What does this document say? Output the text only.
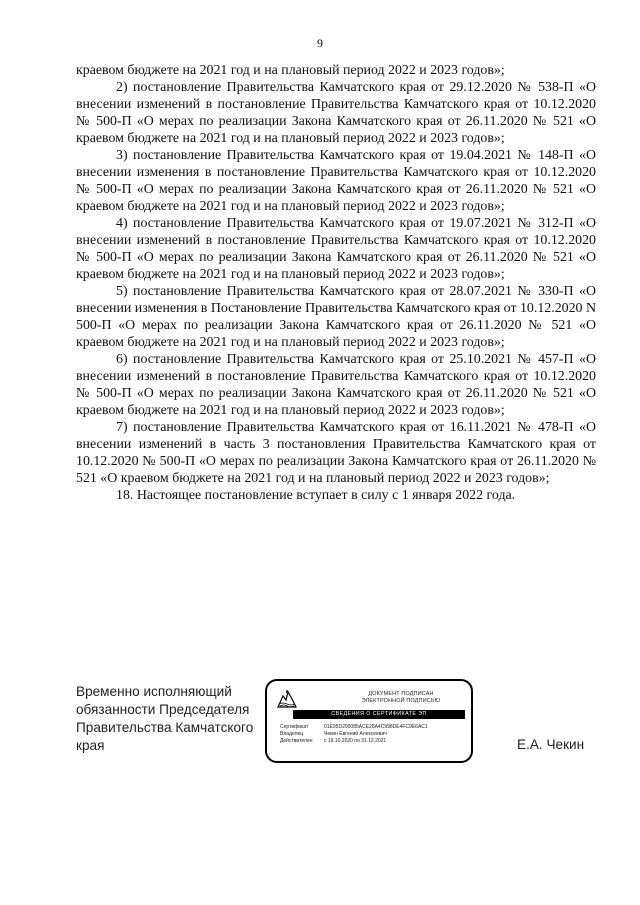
9

краевом бюджете на 2021 год и на плановый период 2022 и 2023 годов»;

2) постановление Правительства Камчатского края от 29.12.2020 № 538-П «О внесении изменений в постановление Правительства Камчатского края от 10.12.2020 № 500-П «О мерах по реализации Закона Камчатского края от 26.11.2020 № 521 «О краевом бюджете на 2021 год и на плановый период 2022 и 2023 годов»;

3) постановление Правительства Камчатского края от 19.04.2021 № 148-П «О внесении изменения в постановление Правительства Камчатского края от 10.12.2020 № 500-П «О мерах по реализации Закона Камчатского края от 26.11.2020 № 521 «О краевом бюджете на 2021 год и на плановый период 2022 и 2023 годов»;

4) постановление Правительства Камчатского края от 19.07.2021 № 312-П «О внесении изменений в постановление Правительства Камчатского края от 10.12.2020 № 500-П «О мерах по реализации Закона Камчатского края от 26.11.2020 № 521 «О краевом бюджете на 2021 год и на плановый период 2022 и 2023 годов»;

5) постановление Правительства Камчатского края от 28.07.2021 № 330-П «О внесении изменения в Постановление Правительства Камчатского края от 10.12.2020 N 500-П «О мерах по реализации Закона Камчатского края от 26.11.2020 № 521 «О краевом бюджете на 2021 год и на плановый период 2022 и 2023 годов»;

6) постановление Правительства Камчатского края от 25.10.2021 № 457-П «О внесении изменений в постановление Правительства Камчатского края от 10.12.2020 № 500-П «О мерах по реализации Закона Камчатского края от 26.11.2020 № 521 «О краевом бюджете на 2021 год и на плановый период 2022 и 2023 годов»;

7) постановление Правительства Камчатского края от 16.11.2021 № 478-П «О внесении изменений в часть 3 постановления Правительства Камчатского края от 10.12.2020 № 500-П «О мерах по реализации Закона Камчатского края от 26.11.2020 № 521 «О краевом бюджете на 2021 год и на плановый период 2022 и 2023 годов»;

18. Настоящее постановление вступает в силу с 1 января 2022 года.

Временно исполняющий
обязанности Председателя
Правительства Камчатского
края
ДОКУМЕНТ ПОДПИСАН
ЭЛЕКТРОННОЙ ПОДПИСЬЮ
СВЕДЕНИЯ О СЕРТИФИКАТЕ ЭП
Сертификат	01E95D200085ACE28A4C998DE4FC9E6AC1
Владелец	Чекин Евгений Алексеевич
Действителен	с 19.10.2020 по 31.12.2021	Е.А. Чекин
